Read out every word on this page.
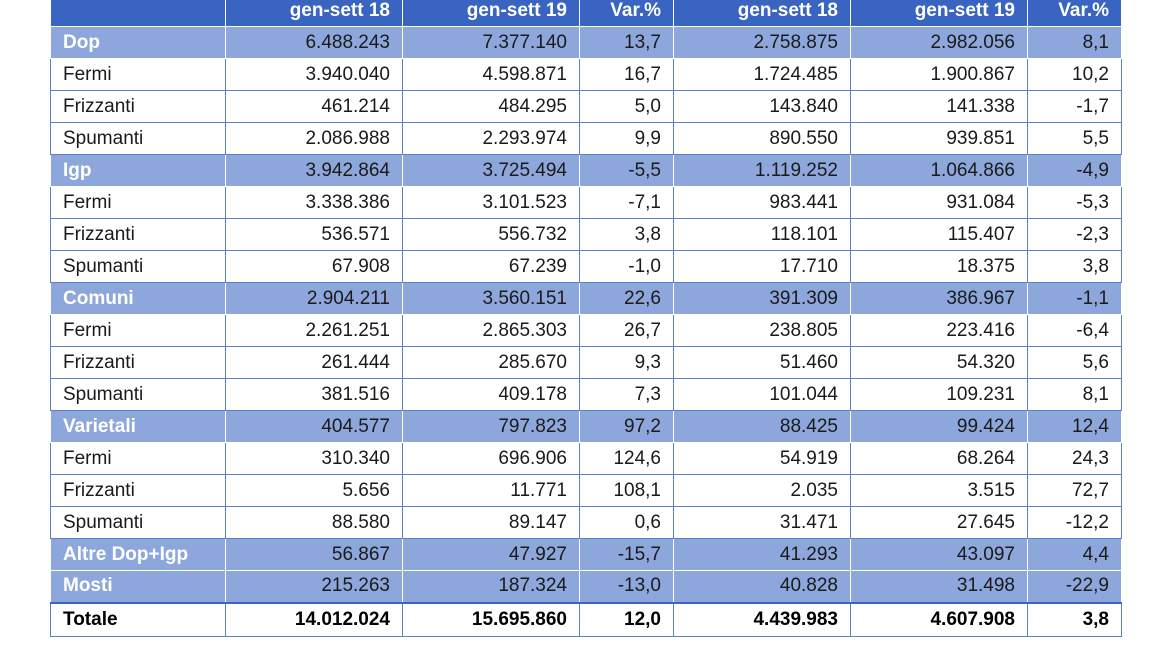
	gen-sett 18	gen-sett 19	Var.%	gen-sett 18	gen-sett 19	Var.%
Dop	6.488.243	7.377.140	13,7	2.758.875	2.982.056	8,1
Fermi	3.940.040	4.598.871	16,7	1.724.485	1.900.867	10,2
Frizzanti	461.214	484.295	5,0	143.840	141.338	-1,7
Spumanti	2.086.988	2.293.974	9,9	890.550	939.851	5,5
Igp	3.942.864	3.725.494	-5,5	1.119.252	1.064.866	-4,9
Fermi	3.338.386	3.101.523	-7,1	983.441	931.084	-5,3
Frizzanti	536.571	556.732	3,8	118.101	115.407	-2,3
Spumanti	67.908	67.239	-1,0	17.710	18.375	3,8
Comuni	2.904.211	3.560.151	22,6	391.309	386.967	-1,1
Fermi	2.261.251	2.865.303	26,7	238.805	223.416	-6,4
Frizzanti	261.444	285.670	9,3	51.460	54.320	5,6
Spumanti	381.516	409.178	7,3	101.044	109.231	8,1
Varietali	404.577	797.823	97,2	88.425	99.424	12,4
Fermi	310.340	696.906	124,6	54.919	68.264	24,3
Frizzanti	5.656	11.771	108,1	2.035	3.515	72,7
Spumanti	88.580	89.147	0,6	31.471	27.645	-12,2
Altre Dop+Igp	56.867	47.927	-15,7	41.293	43.097	4,4
Mosti	215.263	187.324	-13,0	40.828	31.498	-22,9
Totale	14.012.024	15.695.860	12,0	4.439.983	4.607.908	3,8
